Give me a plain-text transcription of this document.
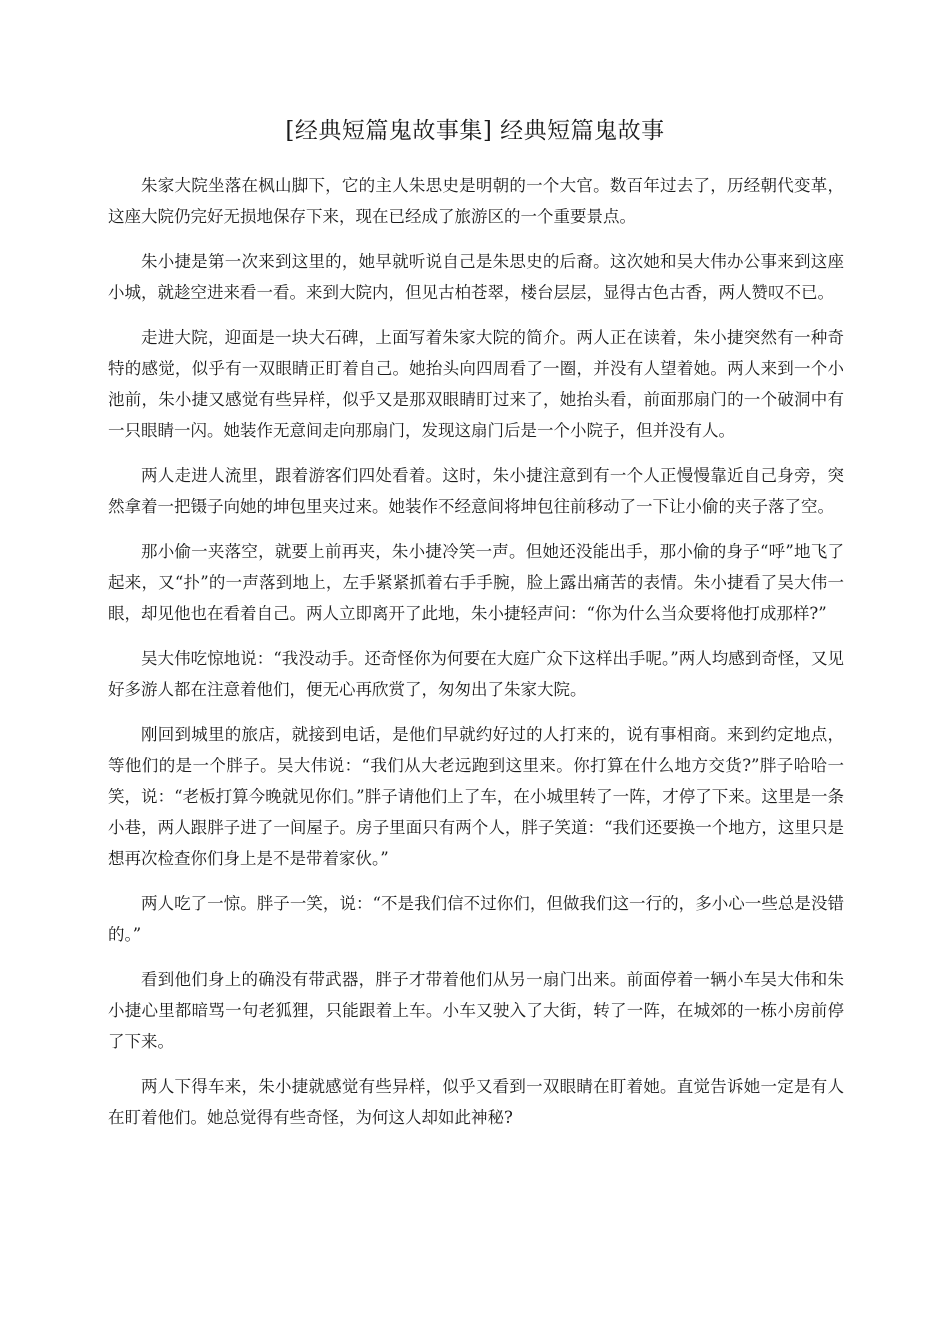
[经典短篇鬼故事集] 经典短篇鬼故事

朱家大院坐落在枫山脚下，它的主人朱思史是明朝的一个大官。数百年过去了，历经朝代变革，这座大院仍完好无损地保存下来，现在已经成了旅游区的一个重要景点。

朱小捷是第一次来到这里的，她早就听说自己是朱思史的后裔。这次她和吴大伟办公事来到这座小城，就趁空进来看一看。来到大院内，但见古柏苍翠，楼台层层，显得古色古香，两人赞叹不已。

走进大院，迎面是一块大石碑，上面写着朱家大院的简介。两人正在读着，朱小捷突然有一种奇特的感觉，似乎有一双眼睛正盯着自己。她抬头向四周看了一圈，并没有人望着她。两人来到一个小池前，朱小捷又感觉有些异样，似乎又是那双眼睛盯过来了，她抬头看，前面那扇门的一个破洞中有一只眼睛一闪。她装作无意间走向那扇门，发现这扇门后是一个小院子，但并没有人。

两人走进人流里，跟着游客们四处看着。这时，朱小捷注意到有一个人正慢慢靠近自己身旁，突然拿着一把镊子向她的坤包里夹过来。她装作不经意间将坤包往前移动了一下让小偷的夹子落了空。

那小偷一夹落空，就要上前再夹，朱小捷冷笑一声。但她还没能出手，那小偷的身子“呼”地飞了起来，又“扑”的一声落到地上，左手紧紧抓着右手手腕，脸上露出痛苦的表情。朱小捷看了吴大伟一眼，却见他也在看着自己。两人立即离开了此地，朱小捷轻声问：“你为什么当众要将他打成那样?”

吴大伟吃惊地说：“我没动手。还奇怪你为何要在大庭广众下这样出手呢。”两人均感到奇怪，又见好多游人都在注意着他们，便无心再欣赏了，匆匆出了朱家大院。

刚回到城里的旅店，就接到电话，是他们早就约好过的人打来的，说有事相商。来到约定地点，等他们的是一个胖子。吴大伟说：“我们从大老远跑到这里来。你打算在什么地方交货?”胖子哈哈一笑，说：“老板打算今晚就见你们。”胖子请他们上了车，在小城里转了一阵，才停了下来。这里是一条小巷，两人跟胖子进了一间屋子。房子里面只有两个人，胖子笑道：“我们还要换一个地方，这里只是想再次检查你们身上是不是带着家伙。”

两人吃了一惊。胖子一笑，说：“不是我们信不过你们，但做我们这一行的，多小心一些总是没错的。”

看到他们身上的确没有带武器，胖子才带着他们从另一扇门出来。前面停着一辆小车吴大伟和朱小捷心里都暗骂一句老狐狸，只能跟着上车。小车又驶入了大街，转了一阵，在城郊的一栋小房前停了下来。

两人下得车来，朱小捷就感觉有些异样，似乎又看到一双眼睛在盯着她。直觉告诉她一定是有人在盯着他们。她总觉得有些奇怪，为何这人却如此神秘?
